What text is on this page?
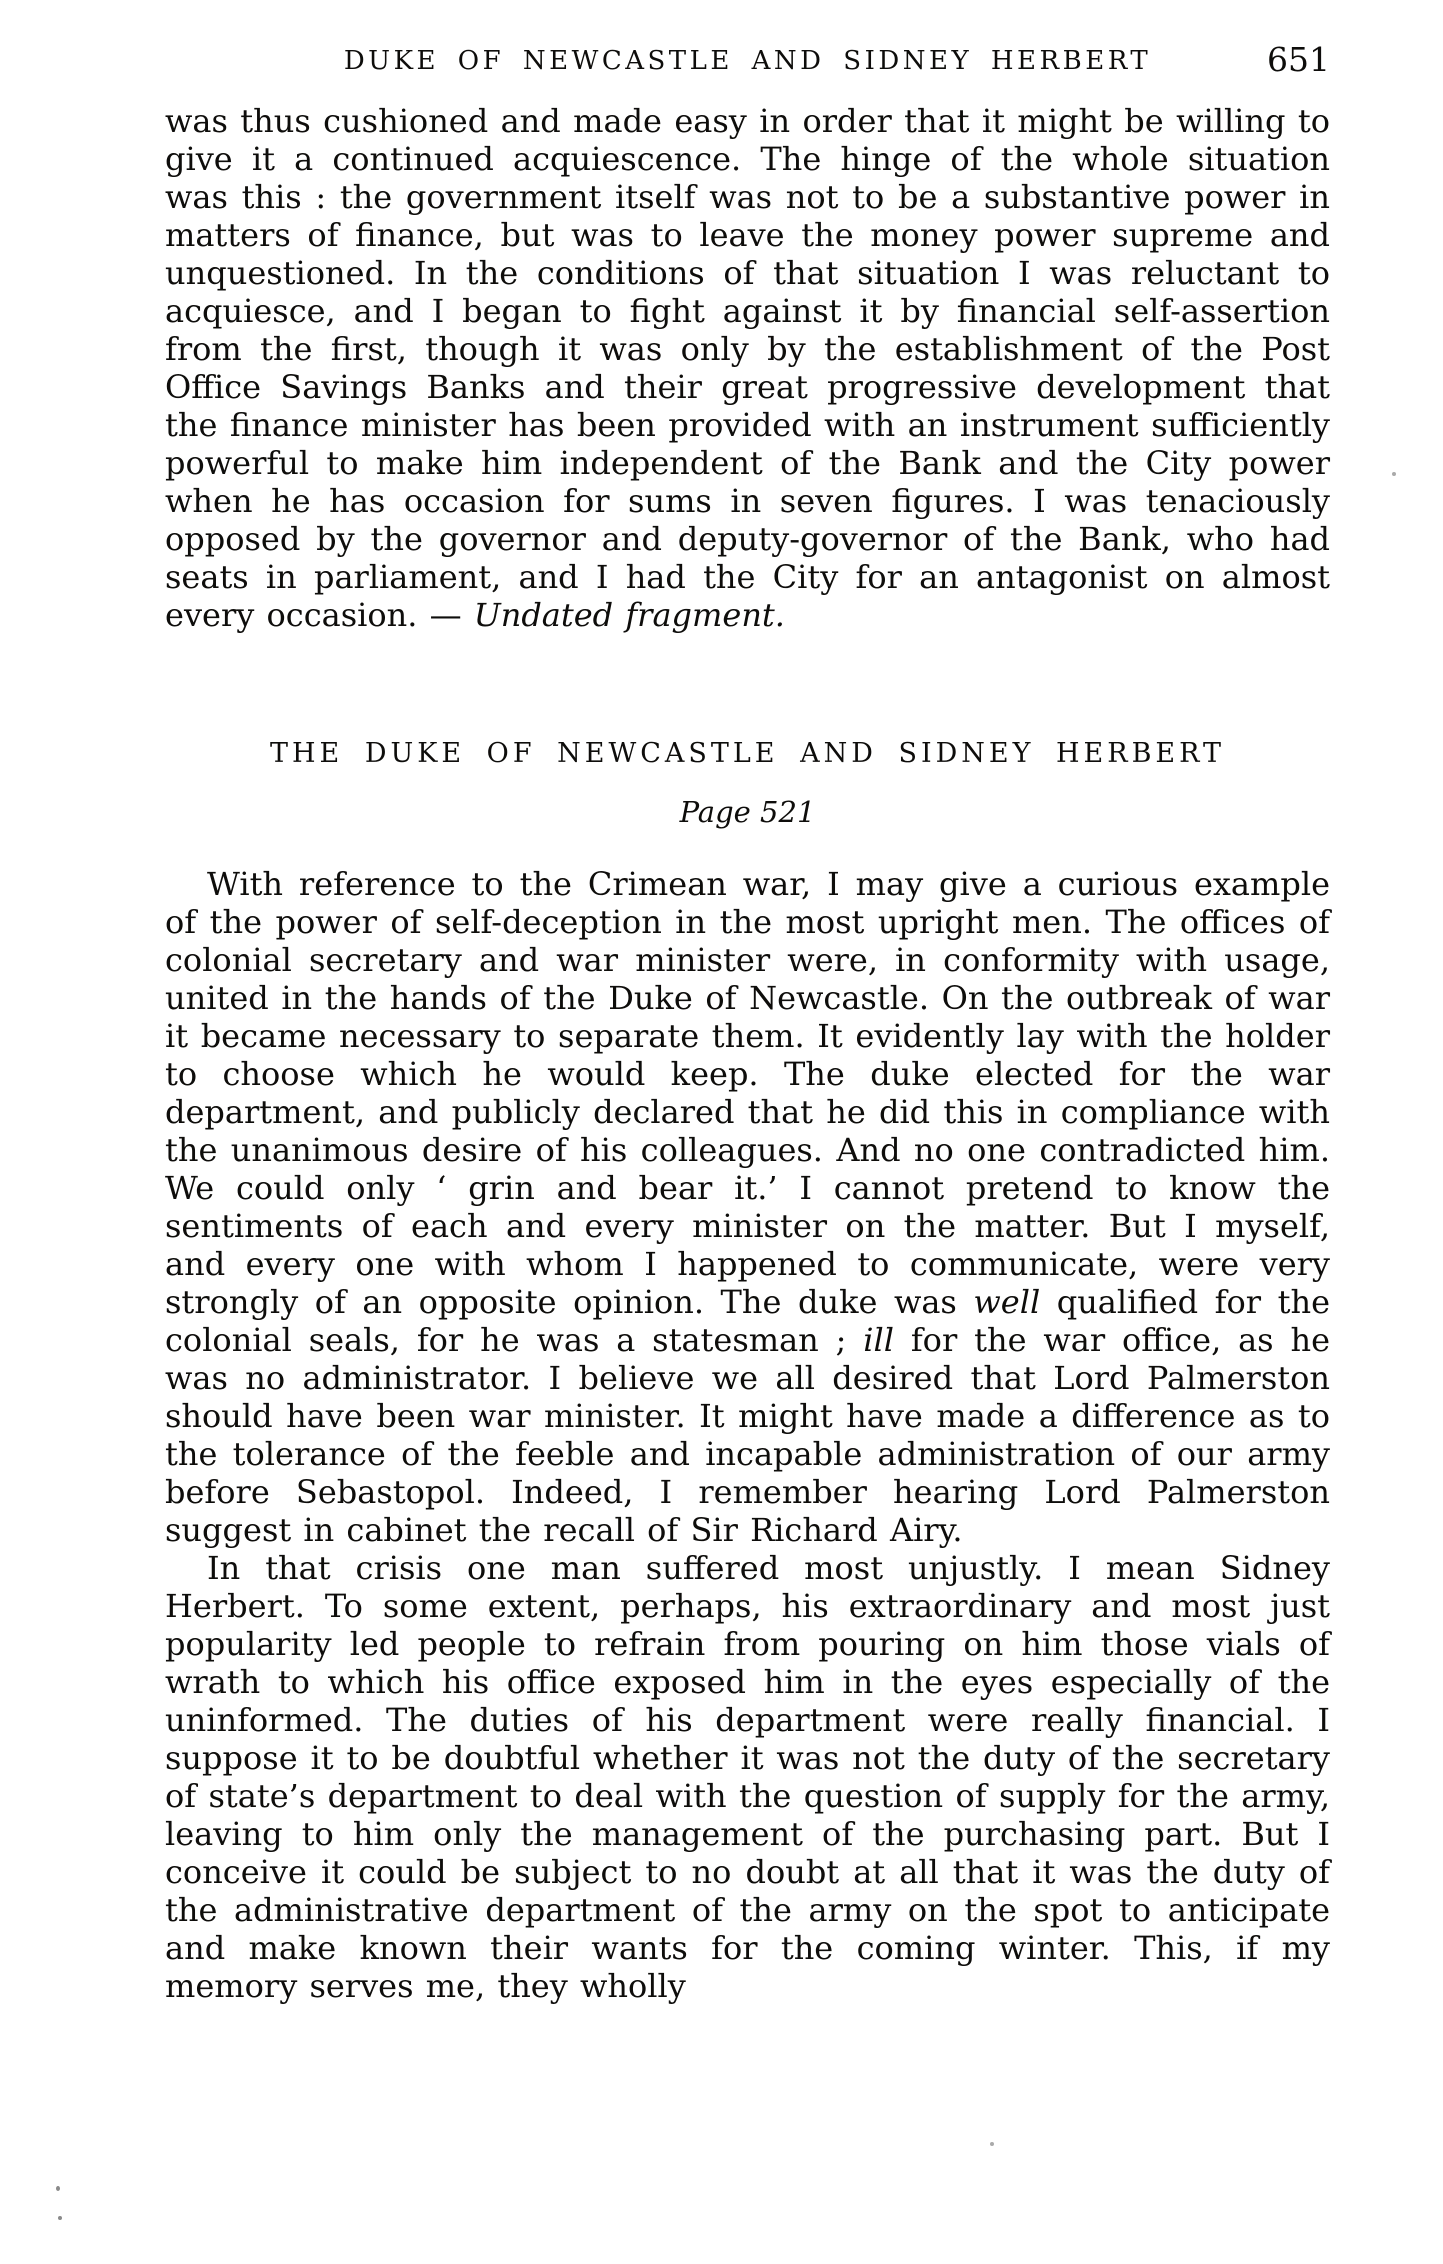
DUKE OF NEWCASTLE AND SIDNEY HERBERT	651

was thus cushioned and made easy in order that it might be willing to give it a continued acquiescence. The hinge of the whole situation was this : the government itself was not to be a substantive power in matters of finance, but was to leave the money power supreme and unquestioned. In the conditions of that situation I was reluctant to acquiesce, and I began to fight against it by financial self-assertion from the first, though it was only by the establishment of the Post Office Savings Banks and their great progressive development that the finance minister has been provided with an instrument sufficiently powerful to make him independent of the Bank and the City power when he has occasion for sums in seven figures. I was tenaciously opposed by the governor and deputy-governor of the Bank, who had seats in parliament, and I had the City for an antagonist on almost every occasion. — Undated fragment.

THE DUKE OF NEWCASTLE AND SIDNEY HERBERT
Page 521

With reference to the Crimean war, I may give a curious example of the power of self-deception in the most upright men. The offices of colonial secretary and war minister were, in conformity with usage, united in the hands of the Duke of Newcastle. On the outbreak of war it became necessary to separate them. It evidently lay with the holder to choose which he would keep. The duke elected for the war department, and publicly declared that he did this in compliance with the unanimous desire of his colleagues. And no one contradicted him. We could only ‘ grin and bear it.’ I cannot pretend to know the sentiments of each and every minister on the matter. But I myself, and every one with whom I happened to communicate, were very strongly of an opposite opinion. The duke was well qualified for the colonial seals, for he was a statesman ; ill for the war office, as he was no administrator. I believe we all desired that Lord Palmerston should have been war minister. It might have made a difference as to the tolerance of the feeble and incapable administration of our army before Sebastopol. Indeed, I remember hearing Lord Palmerston suggest in cabinet the recall of Sir Richard Airy.

In that crisis one man suffered most unjustly. I mean Sidney Herbert. To some extent, perhaps, his extraordinary and most just popularity led people to refrain from pouring on him those vials of wrath to which his office exposed him in the eyes especially of the uninformed. The duties of his department were really financial. I suppose it to be doubtful whether it was not the duty of the secretary of state’s department to deal with the question of supply for the army, leaving to him only the management of the purchasing part. But I conceive it could be subject to no doubt at all that it was the duty of the administrative department of the army on the spot to anticipate and make known their wants for the coming winter. This, if my memory serves me, they wholly
